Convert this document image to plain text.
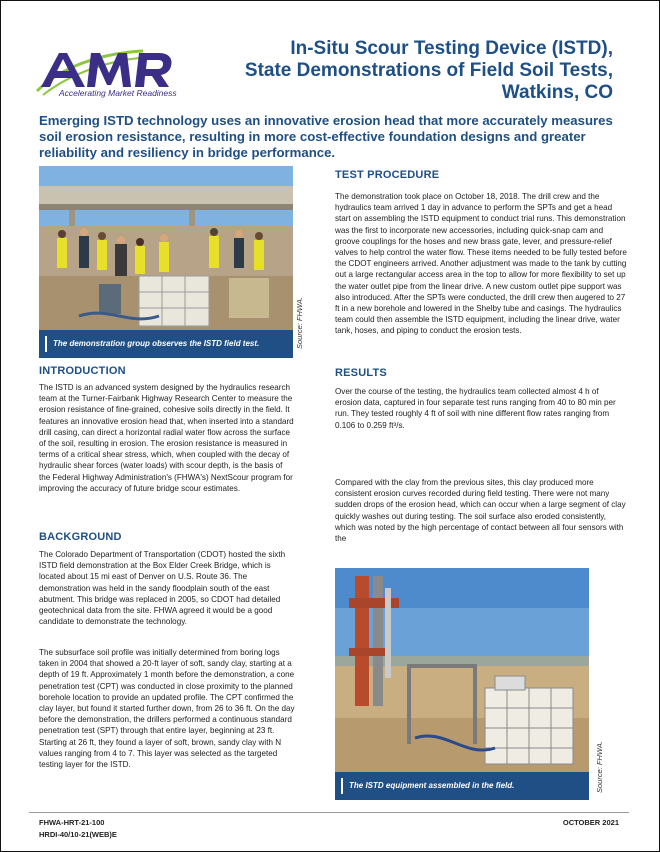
Accelerating Market Readiness
In-Situ Scour Testing Device (ISTD),
State Demonstrations of Field Soil Tests,
Watkins, CO
Emerging ISTD technology uses an innovative erosion head that more accurately measures soil erosion resistance, resulting in more cost-effective foundation designs and greater reliability and resiliency in bridge performance.
The demonstration group observes the ISTD field test.	Source: FHWA.
The ISTD equipment assembled in the field.	Source: FHWA.
INTRODUCTION
The ISTD is an advanced system designed by the hydraulics research team at the Turner-Fairbank Highway Research Center to measure the erosion resistance of fine-grained, cohesive soils directly in the field. It features an innovative erosion head that, when inserted into a standard drill casing, can direct a horizontal radial water flow across the surface of the soil, resulting in erosion. The erosion resistance is measured in terms of a critical shear stress, which, when coupled with the decay of hydraulic shear forces (water loads) with scour depth, is the basis of the Federal Highway Administration's (FHWA's) NextScour program for improving the accuracy of future bridge scour estimates.
BACKGROUND
The Colorado Department of Transportation (CDOT) hosted the sixth ISTD field demonstration at the Box Elder Creek Bridge, which is located about 15 mi east of Denver on U.S. Route 36. The demonstration was held in the sandy floodplain south of the east abutment. This bridge was replaced in 2005, so CDOT had detailed geotechnical data from the site. FHWA agreed it would be a good candidate to demonstrate the technology.
The subsurface soil profile was initially determined from boring logs taken in 2004 that showed a 20-ft layer of soft, sandy clay, starting at a depth of 19 ft. Approximately 1 month before the demonstration, a cone penetration test (CPT) was conducted in close proximity to the planned borehole location to provide an updated profile. The CPT confirmed the clay layer, but found it started further down, from 26 to 36 ft. On the day before the demonstration, the drillers performed a continuous standard penetration test (SPT) through that entire layer, beginning at 23 ft. Starting at 26 ft, they found a layer of soft, brown, sandy clay with N values ranging from 4 to 7. This layer was selected as the targeted testing layer for the ISTD.
TEST PROCEDURE
The demonstration took place on October 18, 2018. The drill crew and the hydraulics team arrived 1 day in advance to perform the SPTs and get a head start on assembling the ISTD equipment to conduct trial runs. This demonstration was the first to incorporate new accessories, including quick-snap cam and groove couplings for the hoses and new brass gate, lever, and pressure-relief valves to help control the water flow. These items needed to be fully tested before the CDOT engineers arrived. Another adjustment was made to the tank by cutting out a large rectangular access area in the top to allow for more flexibility to set up the water outlet pipe from the linear drive. A new custom outlet pipe support was also introduced. After the SPTs were conducted, the drill crew then augered to 27 ft in a new borehole and lowered in the Shelby tube and casings. The hydraulics team could then assemble the ISTD equipment, including the linear drive, water tank, hoses, and piping to conduct the erosion tests.
RESULTS
Over the course of the testing, the hydraulics team collected almost 4 h of erosion data, captured in four separate test runs ranging from 40 to 80 min per run. They tested roughly 4 ft of soil with nine different flow rates ranging from 0.106 to 0.259 ft³/s.
Compared with the clay from the previous sites, this clay produced more consistent erosion curves recorded during field testing. There were not many sudden drops of the erosion head, which can occur when a large segment of clay quickly washes out during testing. The soil surface also eroded consistently, which was noted by the high percentage of contact between all four sensors with the
FHWA-HRT-21-100
HRDI-40/10-21(WEB)E
OCTOBER 2021
